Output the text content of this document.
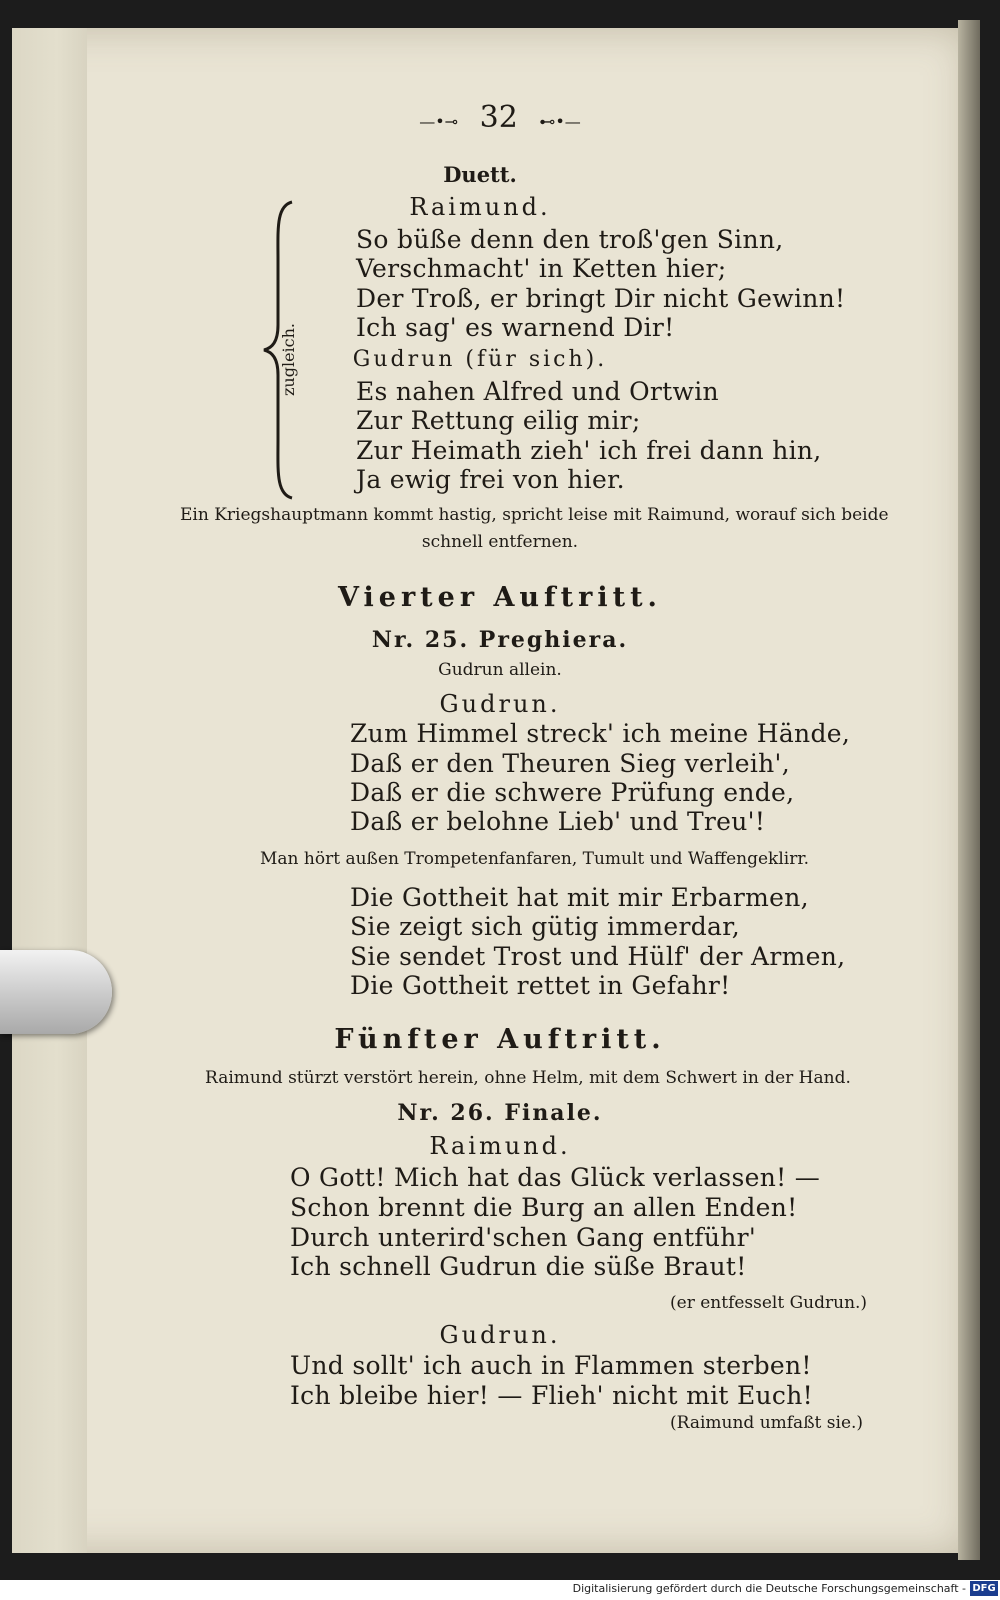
—•⊸ 32 ⊷•—
Duett.
Raimund.
So büße denn den troß'gen Sinn,
Verschmacht' in Ketten hier;
Der Troß, er bringt Dir nicht Gewinn!
Ich sag' es warnend Dir!
Gudrun (für sich).
Es nahen Alfred und Ortwin
Zur Rettung eilig mir;
Zur Heimath zieh' ich frei dann hin,
Ja ewig frei von hier.
zugleich.
Ein Kriegshauptmann kommt hastig, spricht leise mit Raimund, worauf sich beide
schnell entfernen.
Vierter Auftritt.
Nr. 25. Preghiera.
Gudrun allein.
Gudrun.
Zum Himmel streck' ich meine Hände,
Daß er den Theuren Sieg verleih',
Daß er die schwere Prüfung ende,
Daß er belohne Lieb' und Treu'!
Man hört außen Trompetenfanfaren, Tumult und Waffengeklirr.
Die Gottheit hat mit mir Erbarmen,
Sie zeigt sich gütig immerdar,
Sie sendet Trost und Hülf' der Armen,
Die Gottheit rettet in Gefahr!
Fünfter Auftritt.
Raimund stürzt verstört herein, ohne Helm, mit dem Schwert in der Hand.
Nr. 26. Finale.
Raimund.
O Gott! Mich hat das Glück verlassen! —
Schon brennt die Burg an allen Enden!
Durch unterird'schen Gang entführ'
Ich schnell Gudrun die süße Braut!
(er entfesselt Gudrun.)
Gudrun.
Und sollt' ich auch in Flammen sterben!
Ich bleibe hier! — Flieh' nicht mit Euch!
(Raimund umfaßt sie.)
Digitalisierung gefördert durch die Deutsche Forschungsgemeinschaft - DFG
